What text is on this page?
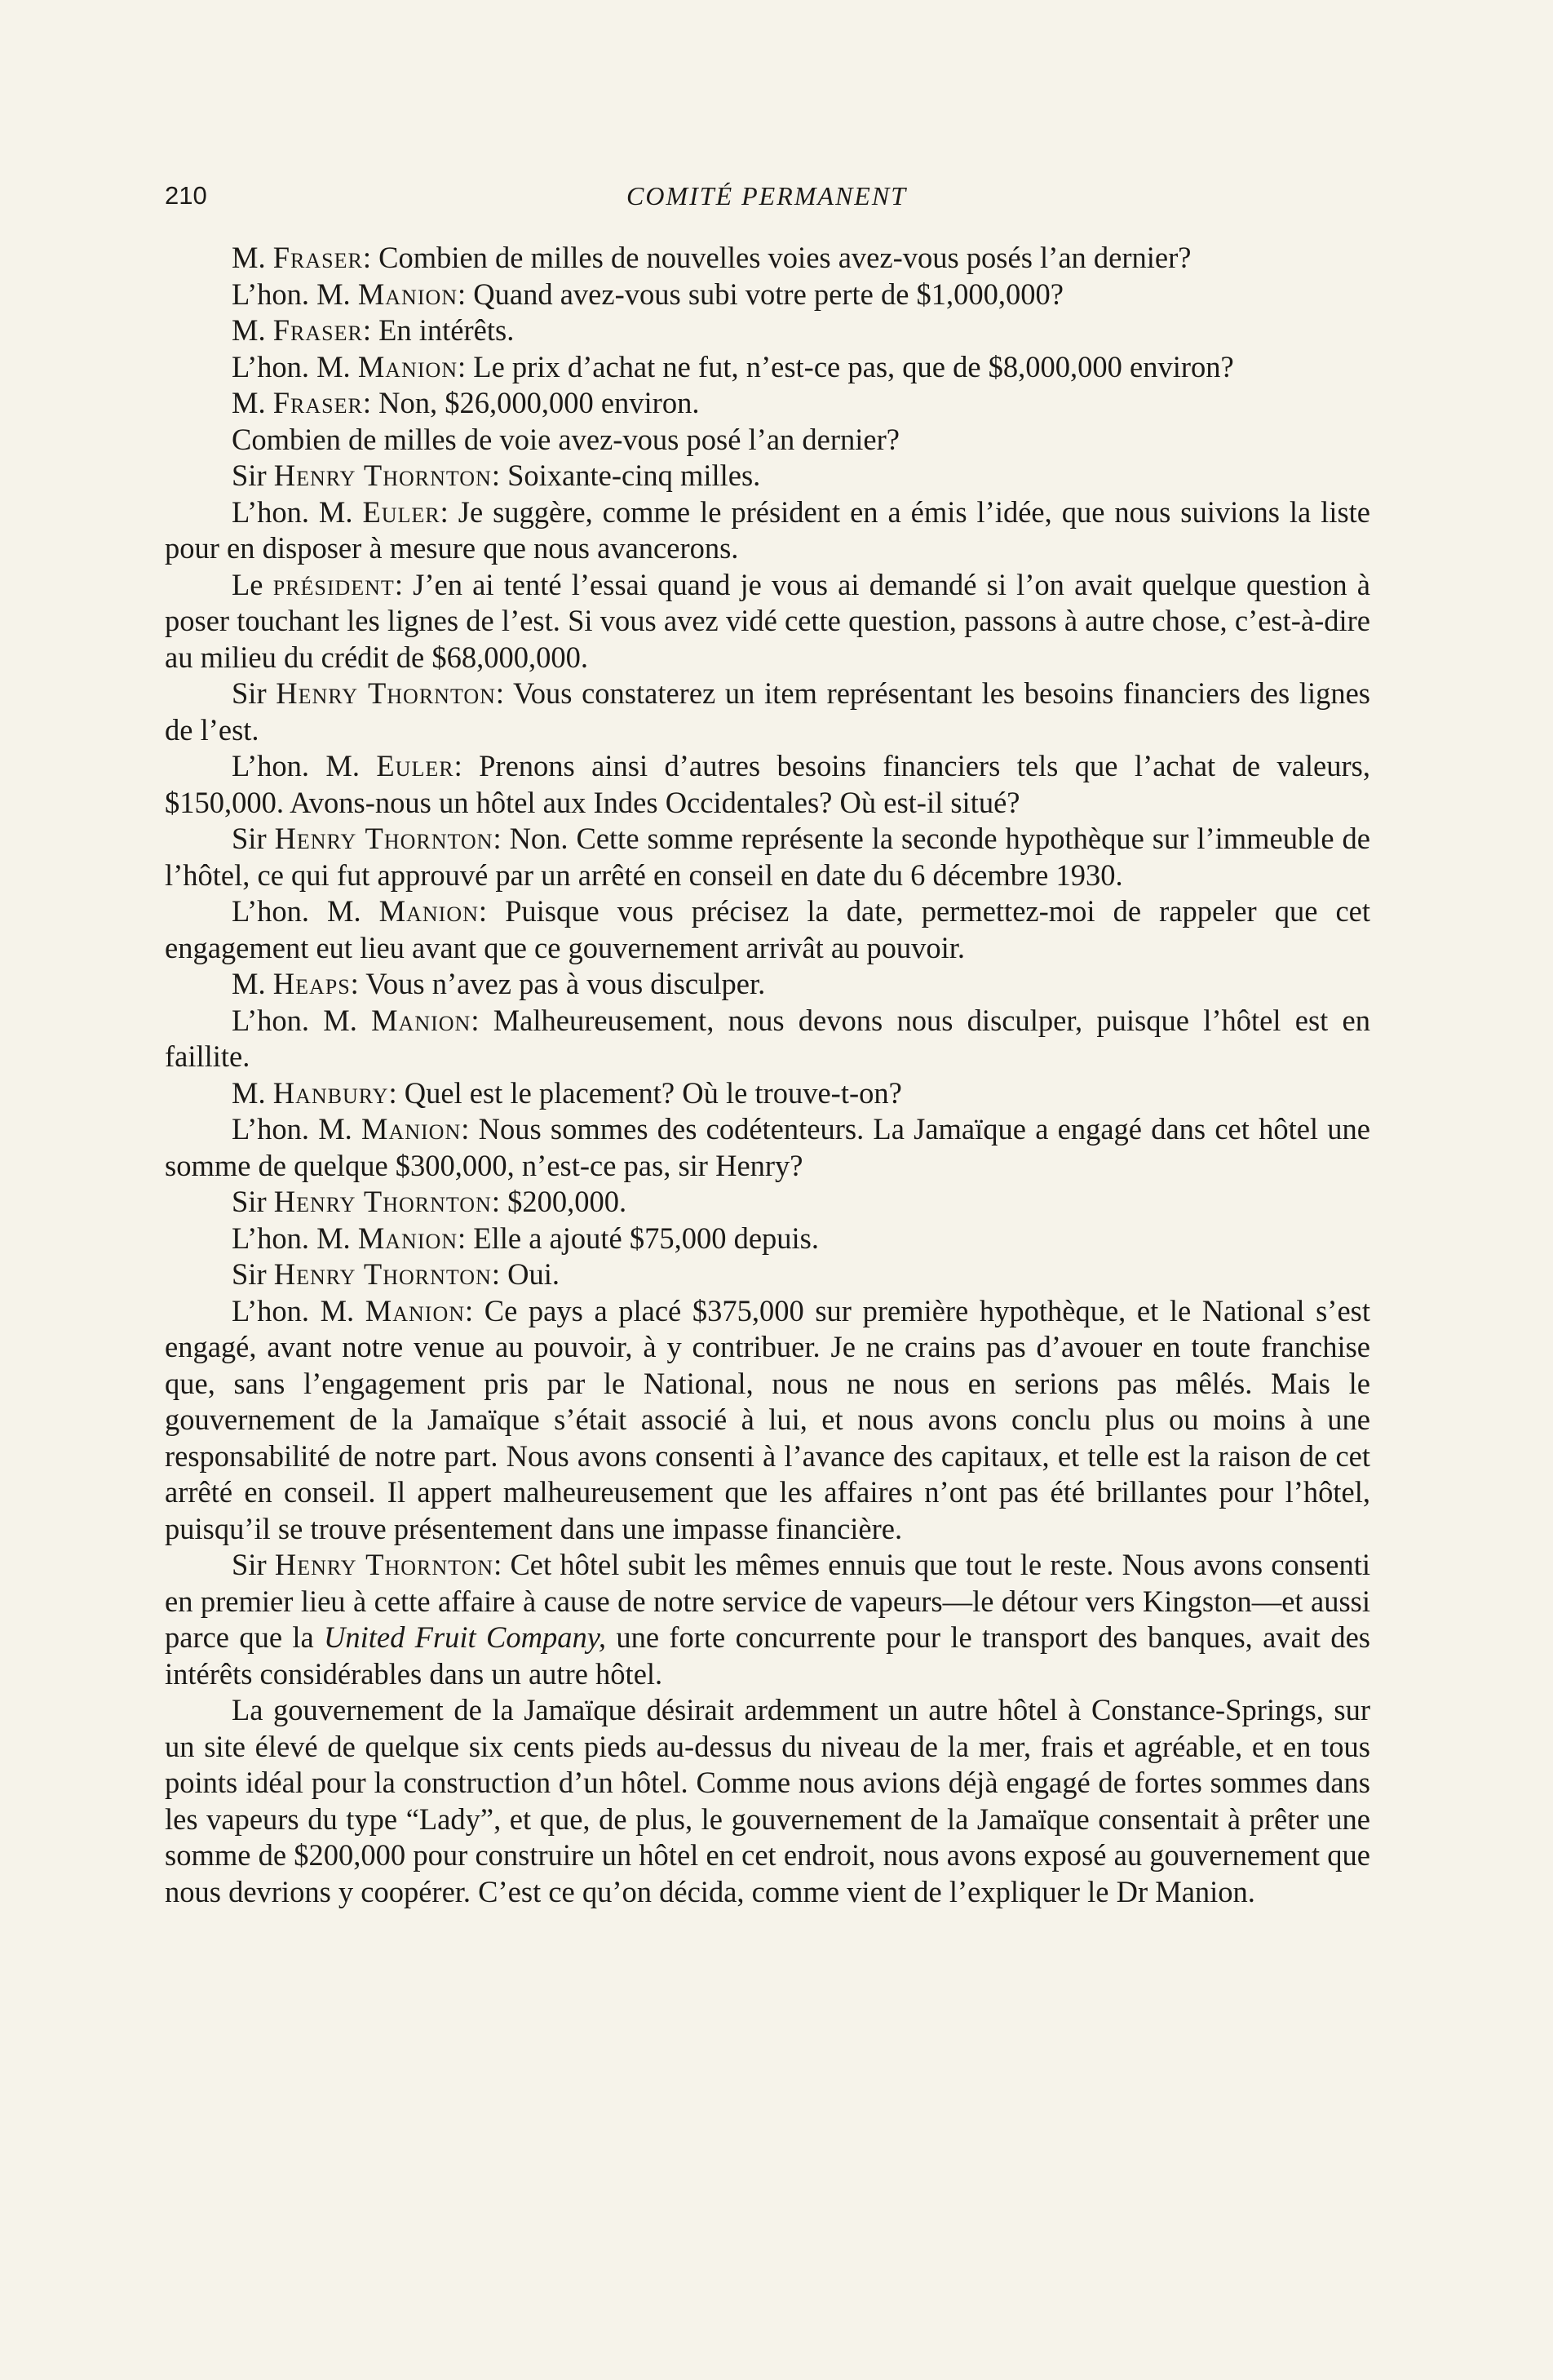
210	COMITÉ PERMANENT

M. Fraser: Combien de milles de nouvelles voies avez-vous posés l’an dernier?

L’hon. M. Manion: Quand avez-vous subi votre perte de $1,000,000?

M. Fraser: En intérêts.

L’hon. M. Manion: Le prix d’achat ne fut, n’est-ce pas, que de $8,000,000 environ?

M. Fraser: Non, $26,000,000 environ.

Combien de milles de voie avez-vous posé l’an dernier?

Sir Henry Thornton: Soixante-cinq milles.

L’hon. M. Euler: Je suggère, comme le président en a émis l’idée, que nous suivions la liste pour en disposer à mesure que nous avancerons.

Le président: J’en ai tenté l’essai quand je vous ai demandé si l’on avait quelque question à poser touchant les lignes de l’est. Si vous avez vidé cette question, passons à autre chose, c’est-à-dire au milieu du crédit de $68,000,000.

Sir Henry Thornton: Vous constaterez un item représentant les besoins financiers des lignes de l’est.

L’hon. M. Euler: Prenons ainsi d’autres besoins financiers tels que l’achat de valeurs, $150,000. Avons-nous un hôtel aux Indes Occidentales? Où est-il situé?

Sir Henry Thornton: Non. Cette somme représente la seconde hypothèque sur l’immeuble de l’hôtel, ce qui fut approuvé par un arrêté en conseil en date du 6 décembre 1930.

L’hon. M. Manion: Puisque vous précisez la date, permettez-moi de rappeler que cet engagement eut lieu avant que ce gouvernement arrivât au pouvoir.

M. Heaps: Vous n’avez pas à vous disculper.

L’hon. M. Manion: Malheureusement, nous devons nous disculper, puisque l’hôtel est en faillite.

M. Hanbury: Quel est le placement? Où le trouve-t-on?

L’hon. M. Manion: Nous sommes des codétenteurs. La Jamaïque a engagé dans cet hôtel une somme de quelque $300,000, n’est-ce pas, sir Henry?

Sir Henry Thornton: $200,000.

L’hon. M. Manion: Elle a ajouté $75,000 depuis.

Sir Henry Thornton: Oui.

L’hon. M. Manion: Ce pays a placé $375,000 sur première hypothèque, et le National s’est engagé, avant notre venue au pouvoir, à y contribuer. Je ne crains pas d’avouer en toute franchise que, sans l’engagement pris par le National, nous ne nous en serions pas mêlés. Mais le gouvernement de la Jamaïque s’était associé à lui, et nous avons conclu plus ou moins à une responsabilité de notre part. Nous avons consenti à l’avance des capitaux, et telle est la raison de cet arrêté en conseil. Il appert malheureusement que les affaires n’ont pas été brillantes pour l’hôtel, puisqu’il se trouve présentement dans une impasse financière.

Sir Henry Thornton: Cet hôtel subit les mêmes ennuis que tout le reste. Nous avons consenti en premier lieu à cette affaire à cause de notre service de vapeurs—le détour vers Kingston—et aussi parce que la United Fruit Company, une forte concurrente pour le transport des banques, avait des intérêts considérables dans un autre hôtel.

La gouvernement de la Jamaïque désirait ardemment un autre hôtel à Constance-Springs, sur un site élevé de quelque six cents pieds au-dessus du niveau de la mer, frais et agréable, et en tous points idéal pour la construction d’un hôtel. Comme nous avions déjà engagé de fortes sommes dans les vapeurs du type “Lady”, et que, de plus, le gouvernement de la Jamaïque consentait à prêter une somme de $200,000 pour construire un hôtel en cet endroit, nous avons exposé au gouvernement que nous devrions y coopérer. C’est ce qu’on décida, comme vient de l’expliquer le Dr Manion.
